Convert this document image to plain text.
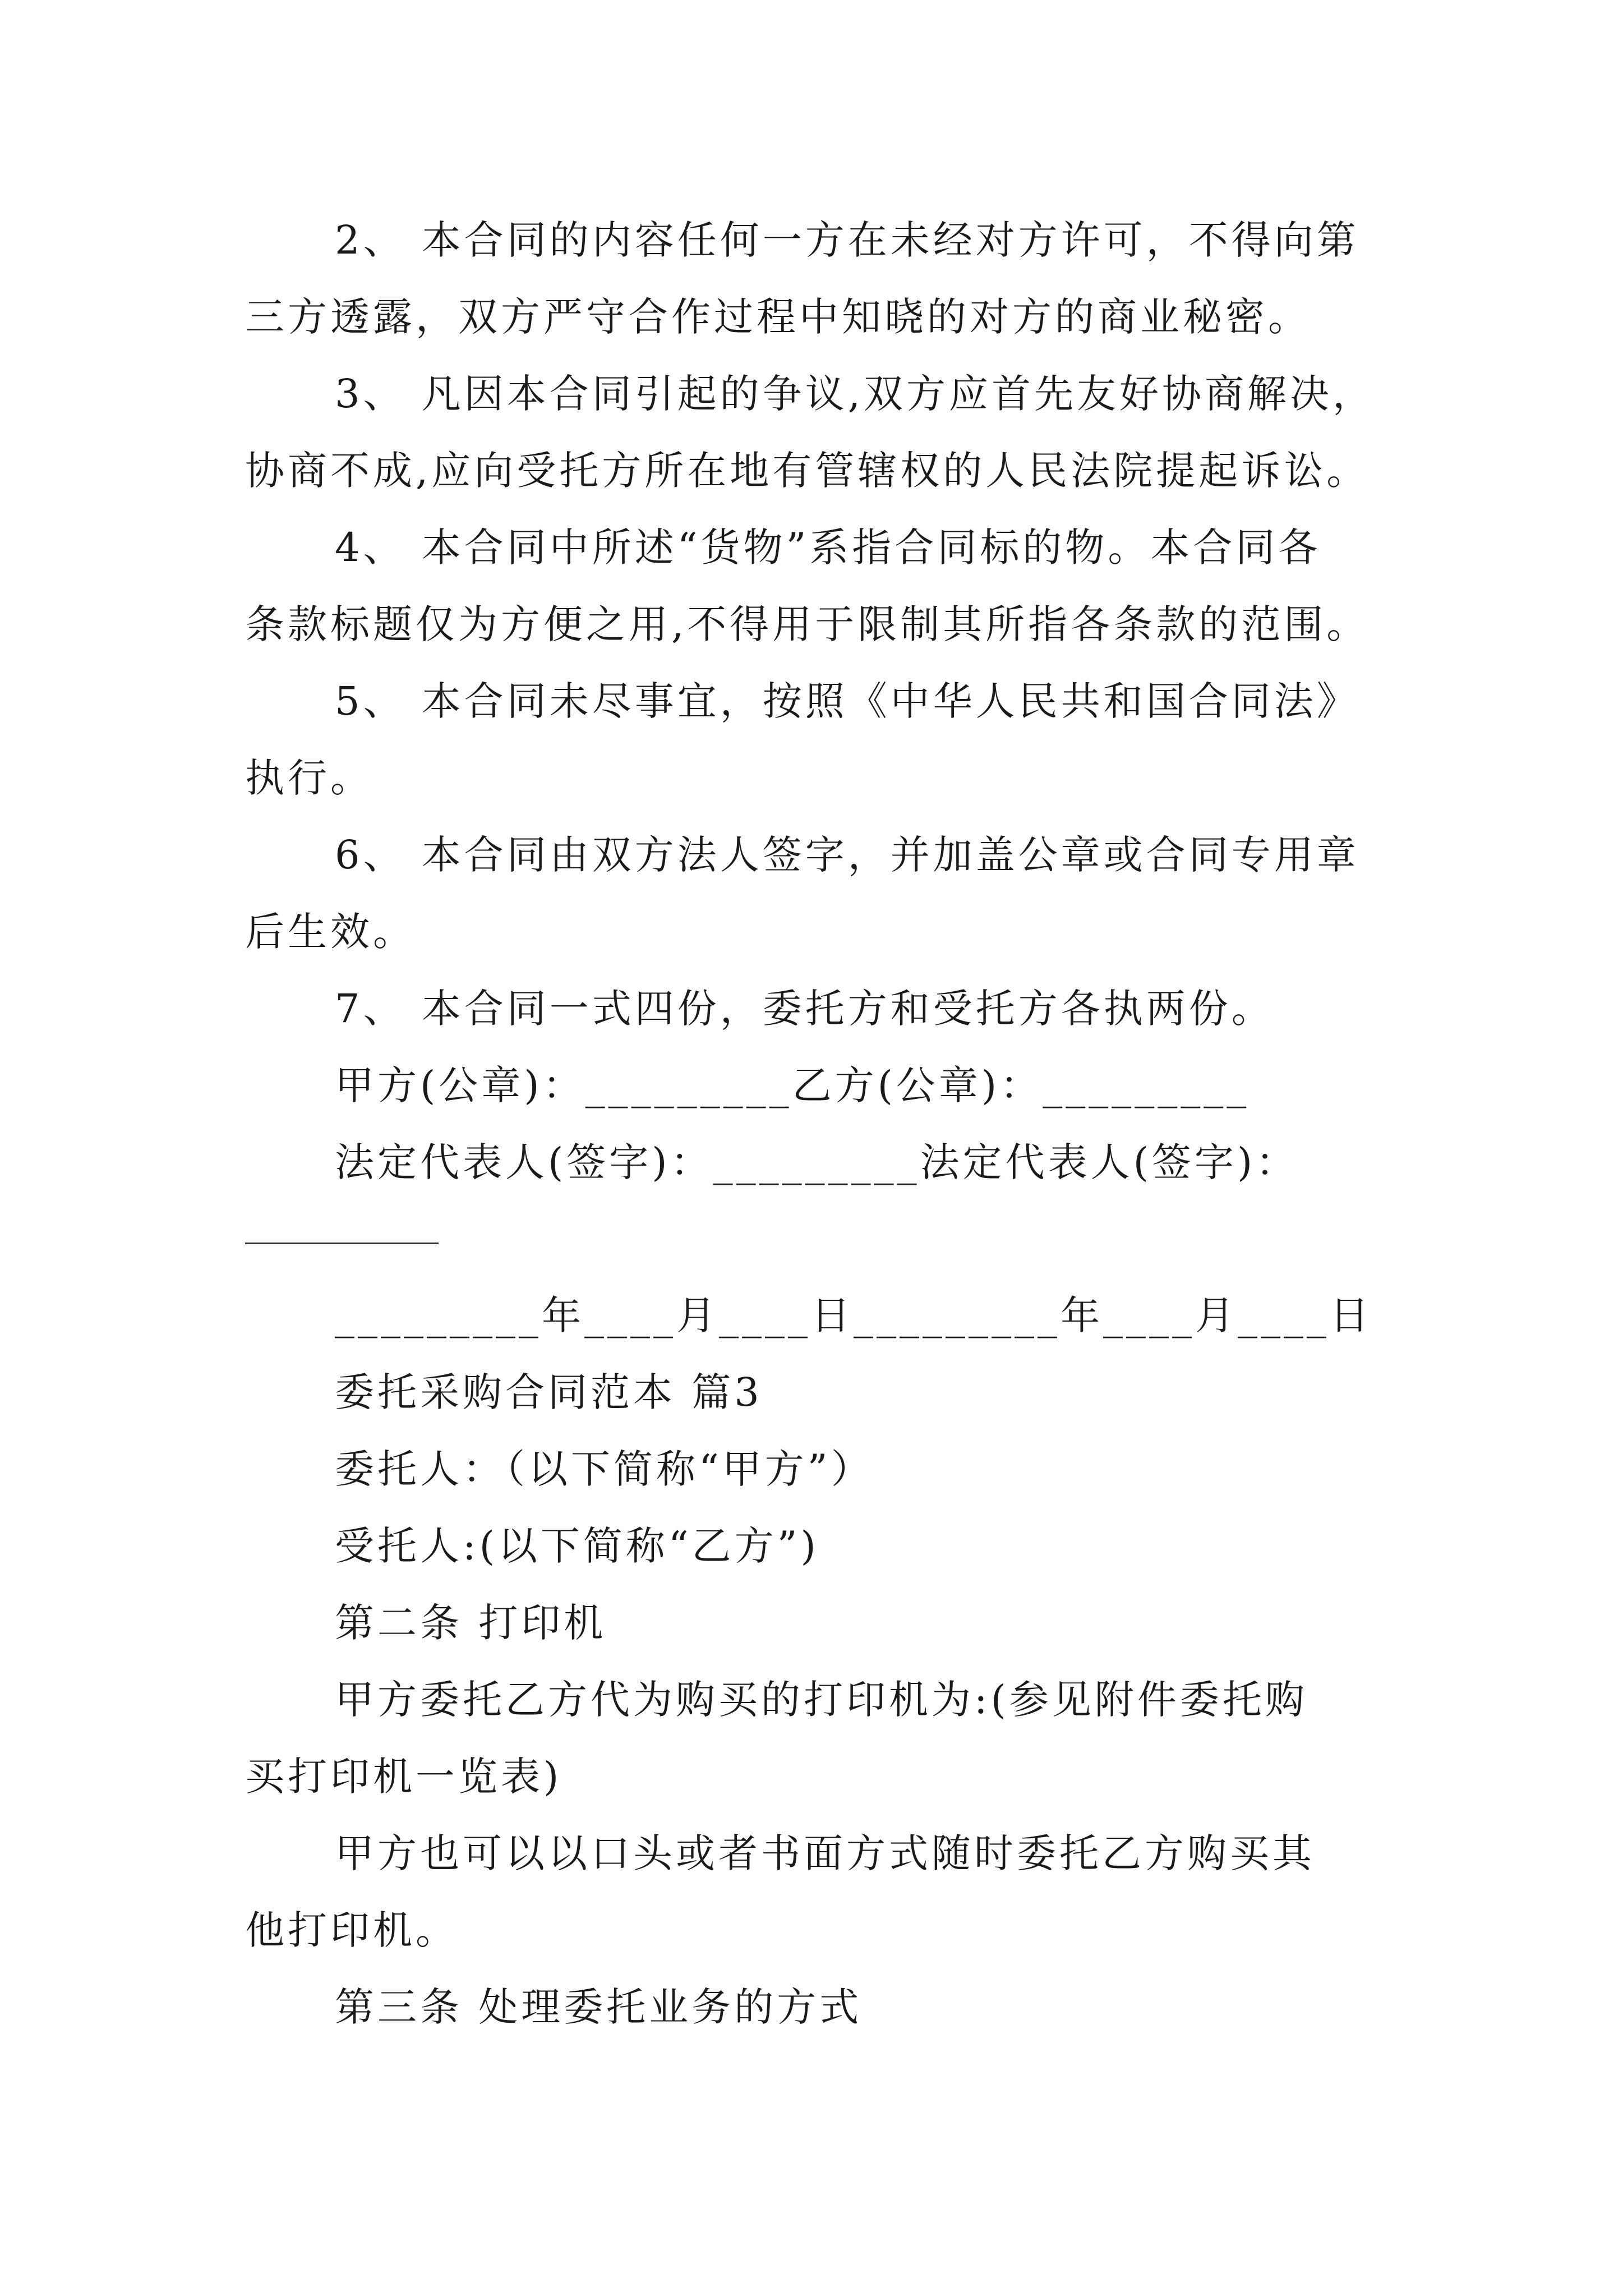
2、 本合同的内容任何一方在未经对方许可，不得向第
三方透露，双方严守合作过程中知晓的对方的商业秘密。
3、 凡因本合同引起的争议,双方应首先友好协商解决，
协商不成,应向受托方所在地有管辖权的人民法院提起诉讼。
4、 本合同中所述“货物”系指合同标的物。本合同各
条款标题仅为方便之用,不得用于限制其所指各条款的范围。
5、 本合同未尽事宜，按照《中华人民共和国合同法》
执行。
6、 本合同由双方法人签字，并加盖公章或合同专用章
后生效。
7、 本合同一式四份，委托方和受托方各执两份。
甲方(公章)：_________乙方(公章)：_________
法定代表人(签字)：_________法定代表人(签字)：
_________年____月____日_________年____月____日
委托采购合同范本 篇3
委托人：（以下简称“甲方”）
受托人:(以下简称“乙方”)
第二条 打印机
甲方委托乙方代为购买的打印机为:(参见附件委托购
买打印机一览表)
甲方也可以以口头或者书面方式随时委托乙方购买其
他打印机。
第三条 处理委托业务的方式
